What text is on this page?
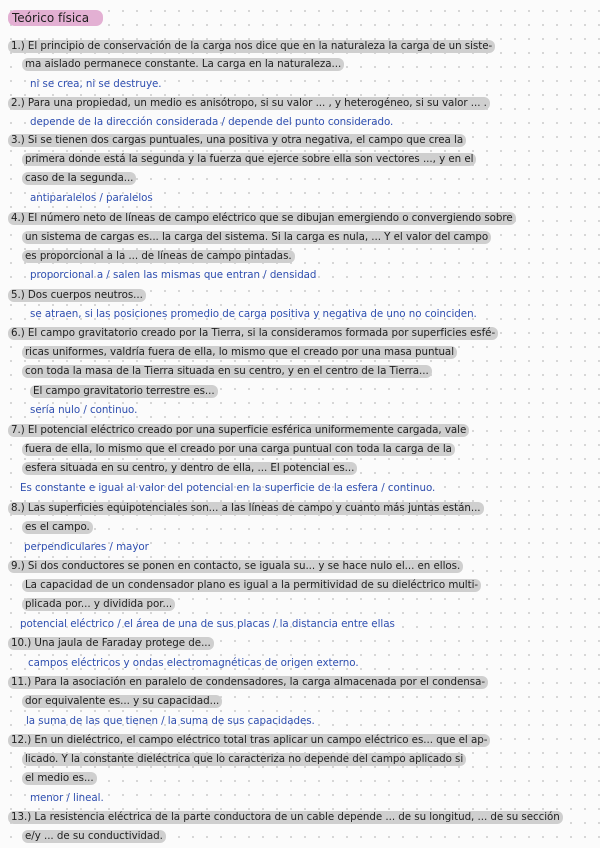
Teórico física
1.) El principio de conservación de la carga nos dice que en la naturaleza la carga de un siste-
ma aislado permanece constante. La carga en la naturaleza...
ni se crea, ni se destruye.
2.) Para una propiedad, un medio es anisótropo, si su valor ... , y heterogéneo, si su valor ... .
depende de la dirección considerada / depende del punto considerado.
3.) Si se tienen dos cargas puntuales, una positiva y otra negativa, el campo que crea la
primera donde está la segunda y la fuerza que ejerce sobre ella son vectores ..., y en el
caso de la segunda...
antiparalelos / paralelos
4.) El número neto de líneas de campo eléctrico que se dibujan emergiendo o convergiendo sobre
un sistema de cargas es... la carga del sistema. Si la carga es nula, ... Y el valor del campo
es proporcional a la ... de líneas de campo pintadas.
proporcional a / salen las mismas que entran / densidad
5.) Dos cuerpos neutros...
se atraen, si las posiciones promedio de carga positiva y negativa de uno no coinciden.
6.) El campo gravitatorio creado por la Tierra, si la consideramos formada por superficies esfé-
ricas uniformes, valdría fuera de ella, lo mismo que el creado por una masa puntual
con toda la masa de la Tierra situada en su centro, y en el centro de la Tierra...
El campo gravitatorio terrestre es...
sería nulo / continuo.
7.) El potencial eléctrico creado por una superficie esférica uniformemente cargada, vale
fuera de ella, lo mismo que el creado por una carga puntual con toda la carga de la
esfera situada en su centro, y dentro de ella, ... El potencial es...
Es constante e igual al valor del potencial en la superficie de la esfera / continuo.
8.) Las superficies equipotenciales son... a las líneas de campo y cuanto más juntas están...
es el campo.
perpendiculares / mayor
9.) Si dos conductores se ponen en contacto, se iguala su... y se hace nulo el... en ellos.
La capacidad de un condensador plano es igual a la permitividad de su dieléctrico multi-
plicada por... y dividida por...
potencial eléctrico / el área de una de sus placas / la distancia entre ellas
10.) Una jaula de Faraday protege de...
campos eléctricos y ondas electromagnéticas de origen externo.
11.) Para la asociación en paralelo de condensadores, la carga almacenada por el condensa-
dor equivalente es... y su capacidad...
la suma de las que tienen / la suma de sus capacidades.
12.) En un dieléctrico, el campo eléctrico total tras aplicar un campo eléctrico es... que el ap-
licado. Y la constante dieléctrica que lo caracteriza no depende del campo aplicado si
el medio es...
menor / lineal.
13.) La resistencia eléctrica de la parte conductora de un cable depende ... de su longitud, ... de su sección
e/y ... de su conductividad.
